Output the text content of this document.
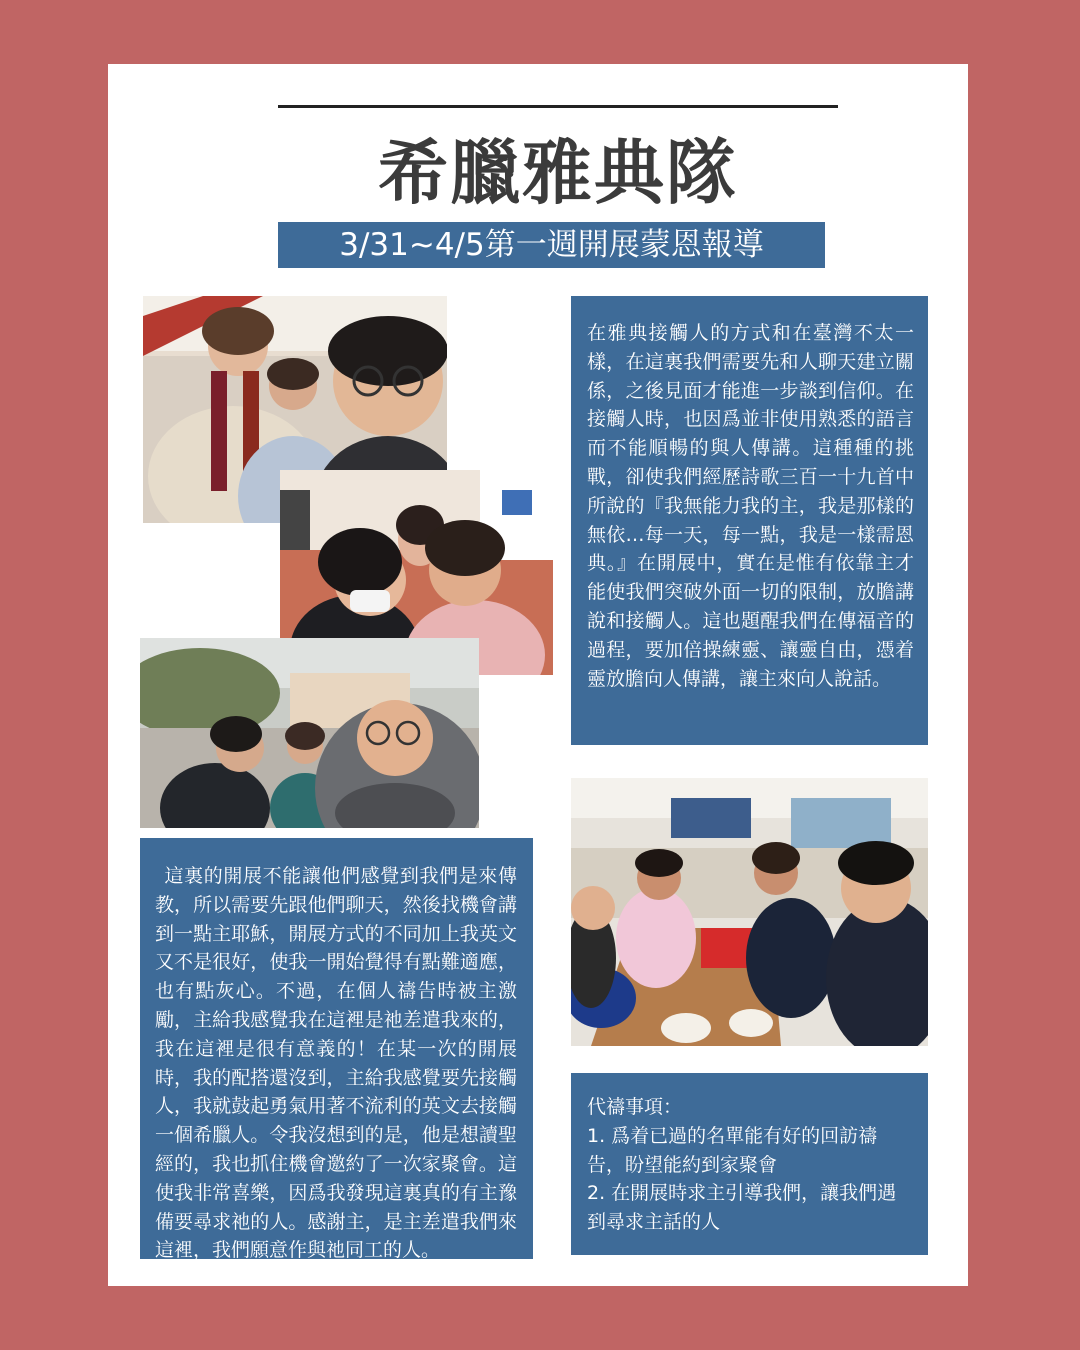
希臘雅典隊
3/31~4/5第一週開展蒙恩報導

在雅典接觸人的方式和在臺灣不太一樣，在這裏我們需要先和人聊天建立關係，之後見面才能進一步談到信仰。在接觸人時，也因爲並非使用熟悉的語言而不能順暢的與人傳講。這種種的挑戰，卻使我們經歷詩歌三百一十九首中所說的『我無能力我的主，我是那樣的無依…每一天，每一點，我是一樣需恩典。』在開展中，實在是惟有依靠主才能使我們突破外面一切的限制，放膽講說和接觸人。這也題醒我們在傳福音的過程，要加倍操練靈、讓靈自由，憑着靈放膽向人傳講，讓主來向人說話。

這裏的開展不能讓他們感覺到我們是來傳教，所以需要先跟他們聊天，然後找機會講到一點主耶穌，開展方式的不同加上我英文又不是很好，使我一開始覺得有點難適應，也有點灰心。不過，在個人禱告時被主激勵，主給我感覺我在這裡是祂差遣我來的，我在這裡是很有意義的！在某一次的開展時，我的配搭還沒到，主給我感覺要先接觸人，我就鼓起勇氣用著不流利的英文去接觸一個希臘人。令我沒想到的是，他是想讀聖經的，我也抓住機會邀約了一次家聚會。這使我非常喜樂，因爲我發現這裏真的有主豫備要尋求祂的人。感謝主，是主差遣我們來這裡，我們願意作與祂同工的人。

代禱事項：
1. 爲着已過的名單能有好的回訪禱告，盼望能約到家聚會
2. 在開展時求主引導我們，讓我們遇到尋求主話的人
